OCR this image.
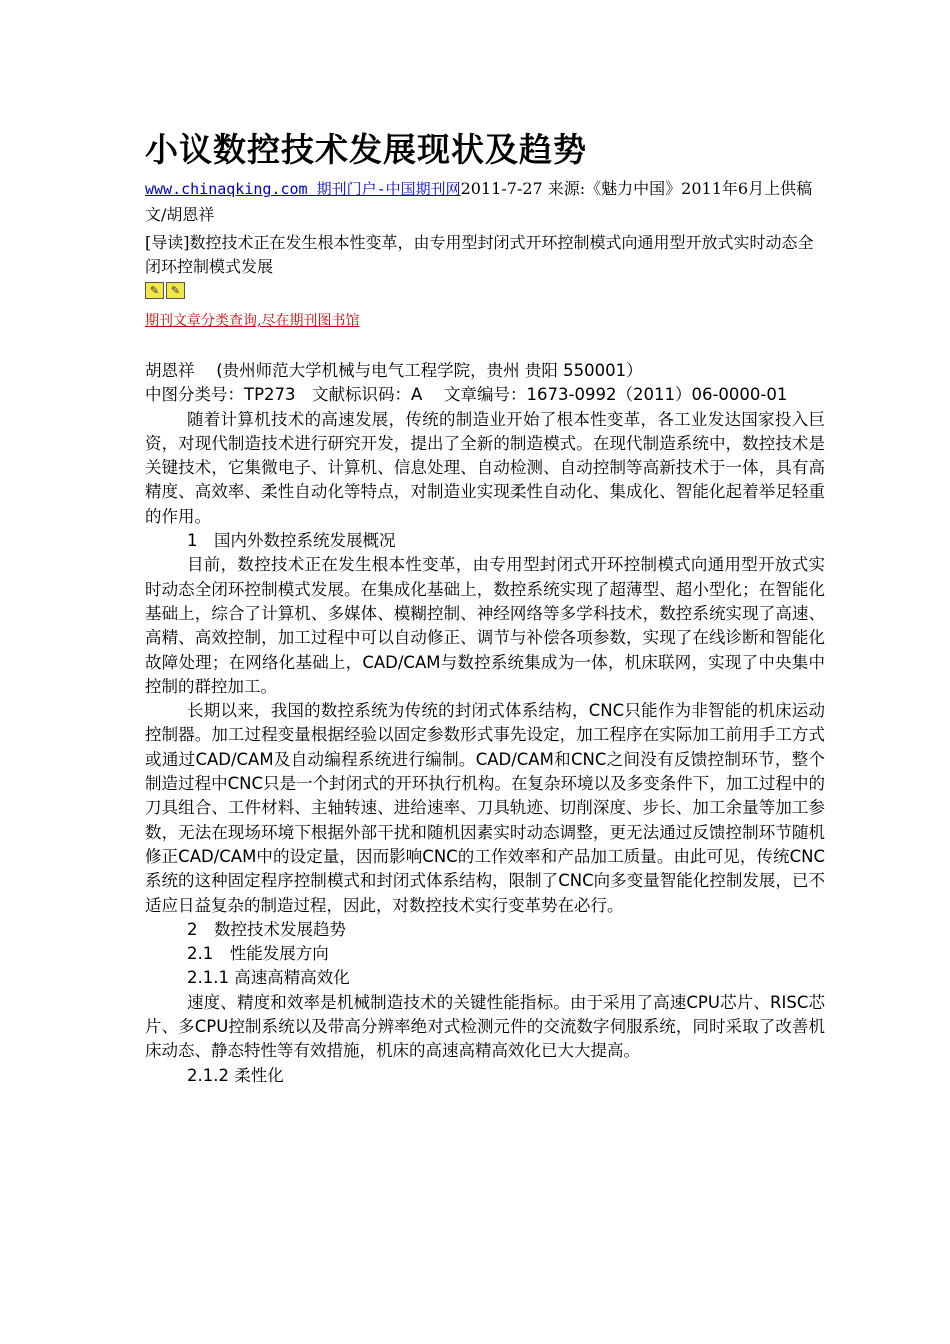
小议数控技术发展现状及趋势

www.chinaqking.com 期刊门户-中国期刊网2011-7-27 来源:《魅力中国》2011年6月上供稿文/胡恩祥

[导读]数控技术正在发生根本性变革，由专用型封闭式开环控制模式向通用型开放式实时动态全闭环控制模式发展

✎	✎
期刊文章分类查询,尽在期刊图书馆

胡恩祥　 (贵州师范大学机械与电气工程学院，贵州 贵阳 550001）

中图分类号：TP273　文献标识码：A　 文章编号：1673-0992（2011）06-0000-01

随着计算机技术的高速发展，传统的制造业开始了根本性变革，各工业发达国家投入巨资，对现代制造技术进行研究开发，提出了全新的制造模式。在现代制造系统中，数控技术是关键技术，它集微电子、计算机、信息处理、自动检测、自动控制等高新技术于一体，具有高精度、高效率、柔性自动化等特点，对制造业实现柔性自动化、集成化、智能化起着举足轻重的作用。

1　国内外数控系统发展概况

目前，数控技术正在发生根本性变革，由专用型封闭式开环控制模式向通用型开放式实时动态全闭环控制模式发展。在集成化基础上，数控系统实现了超薄型、超小型化；在智能化基础上，综合了计算机、多媒体、模糊控制、神经网络等多学科技术，数控系统实现了高速、高精、高效控制，加工过程中可以自动修正、调节与补偿各项参数，实现了在线诊断和智能化故障处理；在网络化基础上，CAD/CAM与数控系统集成为一体，机床联网，实现了中央集中控制的群控加工。

长期以来，我国的数控系统为传统的封闭式体系结构，CNC只能作为非智能的机床运动控制器。加工过程变量根据经验以固定参数形式事先设定，加工程序在实际加工前用手工方式或通过CAD/CAM及自动编程系统进行编制。CAD/CAM和CNC之间没有反馈控制环节，整个制造过程中CNC只是一个封闭式的开环执行机构。在复杂环境以及多变条件下，加工过程中的刀具组合、工件材料、主轴转速、进给速率、刀具轨迹、切削深度、步长、加工余量等加工参数，无法在现场环境下根据外部干扰和随机因素实时动态调整，更无法通过反馈控制环节随机修正CAD/CAM中的设定量，因而影响CNC的工作效率和产品加工质量。由此可见，传统CNC系统的这种固定程序控制模式和封闭式体系结构，限制了CNC向多变量智能化控制发展，已不适应日益复杂的制造过程，因此，对数控技术实行变革势在必行。

2　数控技术发展趋势

2.1　性能发展方向

2.1.1 高速高精高效化

速度、精度和效率是机械制造技术的关键性能指标。由于采用了高速CPU芯片、RISC芯片、多CPU控制系统以及带高分辨率绝对式检测元件的交流数字伺服系统，同时采取了改善机床动态、静态特性等有效措施，机床的高速高精高效化已大大提高。

2.1.2 柔性化
